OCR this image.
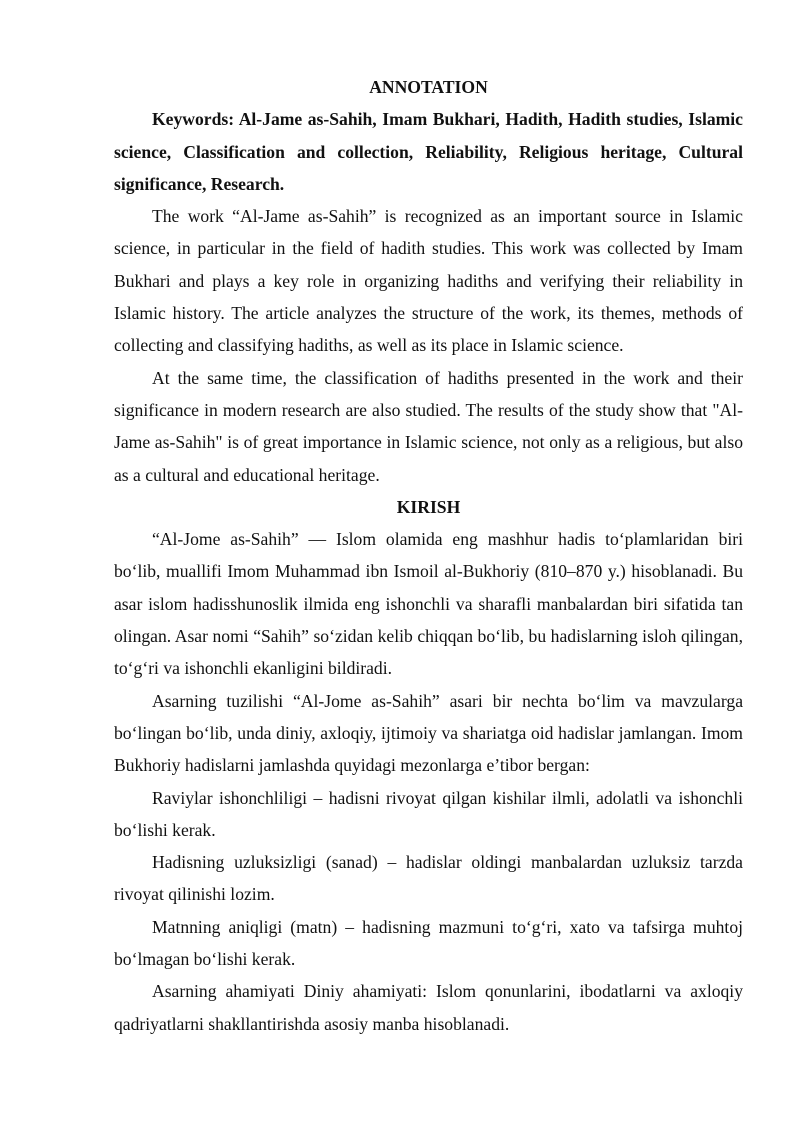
ANNOTATION

Keywords: Al-Jame as-Sahih, Imam Bukhari, Hadith, Hadith studies, Islamic science, Classification and collection, Reliability, Religious heritage, Cultural significance, Research.

The work “Al-Jame as-Sahih” is recognized as an important source in Islamic science, in particular in the field of hadith studies. This work was collected by Imam Bukhari and plays a key role in organizing hadiths and verifying their reliability in Islamic history. The article analyzes the structure of the work, its themes, methods of collecting and classifying hadiths, as well as its place in Islamic science.

At the same time, the classification of hadiths presented in the work and their significance in modern research are also studied. The results of the study show that "Al-Jame as-Sahih" is of great importance in Islamic science, not only as a religious, but also as a cultural and educational heritage.

KIRISH

“Al-Jome as-Sahih” — Islom olamida eng mashhur hadis to‘plamlaridan biri bo‘lib, muallifi Imom Muhammad ibn Ismoil al-Bukhoriy (810–870 y.) hisoblanadi. Bu asar islom hadisshunoslik ilmida eng ishonchli va sharafli manbalardan biri sifatida tan olingan. Asar nomi “Sahih” so‘zidan kelib chiqqan bo‘lib, bu hadislarning isloh qilingan, to‘g‘ri va ishonchli ekanligini bildiradi.

Asarning tuzilishi “Al-Jome as-Sahih” asari bir nechta bo‘lim va mavzularga bo‘lingan bo‘lib, unda diniy, axloqiy, ijtimoiy va shariatga oid hadislar jamlangan. Imom Bukhoriy hadislarni jamlashda quyidagi mezonlarga e’tibor bergan:

Raviylar ishonchliligi – hadisni rivoyat qilgan kishilar ilmli, adolatli va ishonchli bo‘lishi kerak.

Hadisning uzluksizligi (sanad) – hadislar oldingi manbalardan uzluksiz tarzda rivoyat qilinishi lozim.

Matnning aniqligi (matn) – hadisning mazmuni to‘g‘ri, xato va tafsirga muhtoj bo‘lmagan bo‘lishi kerak.

Asarning ahamiyati Diniy ahamiyati: Islom qonunlarini, ibodatlarni va axloqiy qadriyatlarni shakllantirishda asosiy manba hisoblanadi.
